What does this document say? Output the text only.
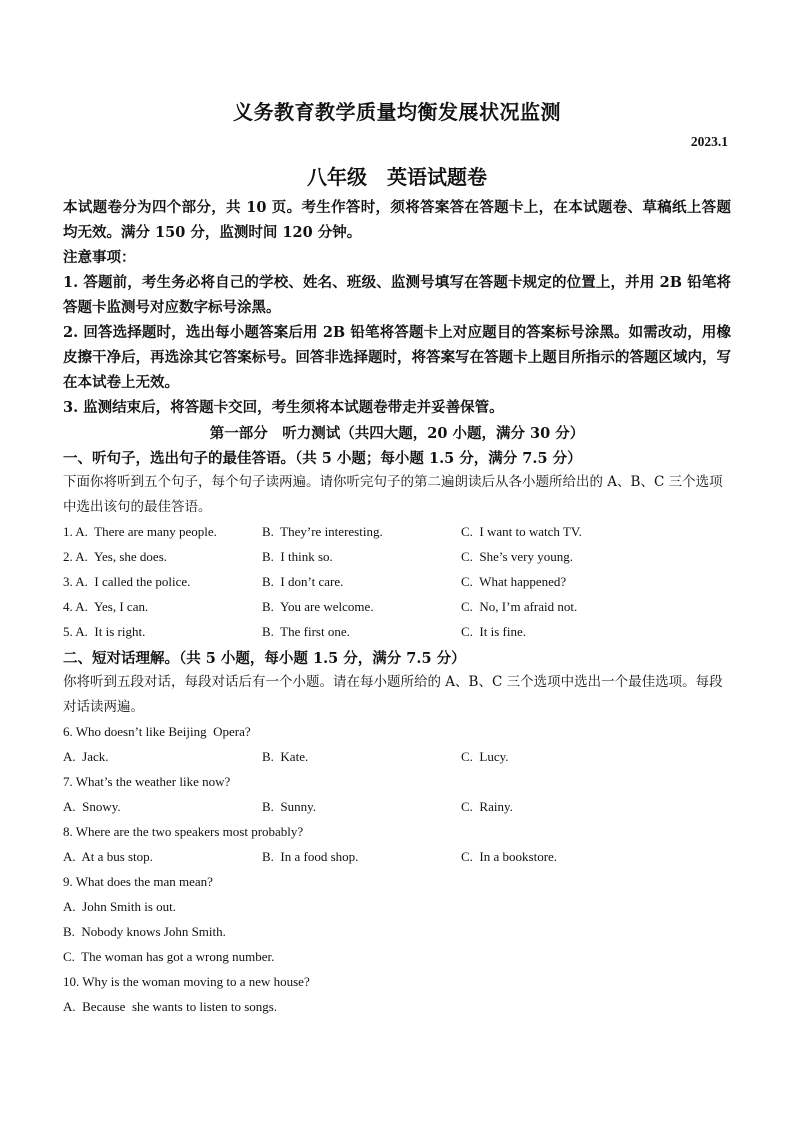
义务教育教学质量均衡发展状况监测
2023.1
八年级　英语试题卷
本试题卷分为四个部分，共 10 页。考生作答时，须将答案答在答题卡上，在本试题卷、草稿纸上答题均无效。满分 150 分，监测时间 120 分钟。
注意事项：
1. 答题前，考生务必将自己的学校、姓名、班级、监测号填写在答题卡规定的位置上，并用 2B 铅笔将答题卡监测号对应数字标号涂黑。
2. 回答选择题时，选出每小题答案后用 2B 铅笔将答题卡上对应题目的答案标号涂黑。如需改动，用橡皮擦干净后，再选涂其它答案标号。回答非选择题时，将答案写在答题卡上题目所指示的答题区域内，写在本试卷上无效。
3. 监测结束后，将答题卡交回，考生须将本试题卷带走并妥善保管。
第一部分　听力测试（共四大题，20 小题，满分 30 分）
一、听句子，选出句子的最佳答语。（共 5 小题；每小题 1.5 分，满分 7.5 分）
下面你将听到五个句子，每个句子读两遍。请你听完句子的第二遍朗读后从各小题所给出的 A、B、C 三个选项中选出该句的最佳答语。
1. A.  There are many people.	B.  They’re interesting.	C.  I want to watch TV.
2. A.  Yes, she does.	B.  I think so.	C.  She’s very young.
3. A.  I called the police.	B.  I don’t care.	C.  What happened?
4. A.  Yes, I can.	B.  You are welcome.	C.  No, I’m afraid not.
5. A.  It is right.	B.  The first one.	C.  It is fine.
二、短对话理解。（共 5 小题，每小题 1.5 分，满分 7.5 分）
你将听到五段对话，每段对话后有一个小题。请在每小题所给的 A、B、C 三个选项中选出一个最佳选项。每段对话读两遍。
6. Who doesn’t like Beijing  Opera?
A.  Jack.	B.  Kate.	C.  Lucy.
7. What’s the weather like now?
A.  Snowy.	B.  Sunny.	C.  Rainy.
8. Where are the two speakers most probably?
A.  At a bus stop.	B.  In a food shop.	C.  In a bookstore.
9. What does the man mean?
A.  John Smith is out.
B.  Nobody knows John Smith.
C.  The woman has got a wrong number.
10. Why is the woman moving to a new house?
A.  Because  she wants to listen to songs.
